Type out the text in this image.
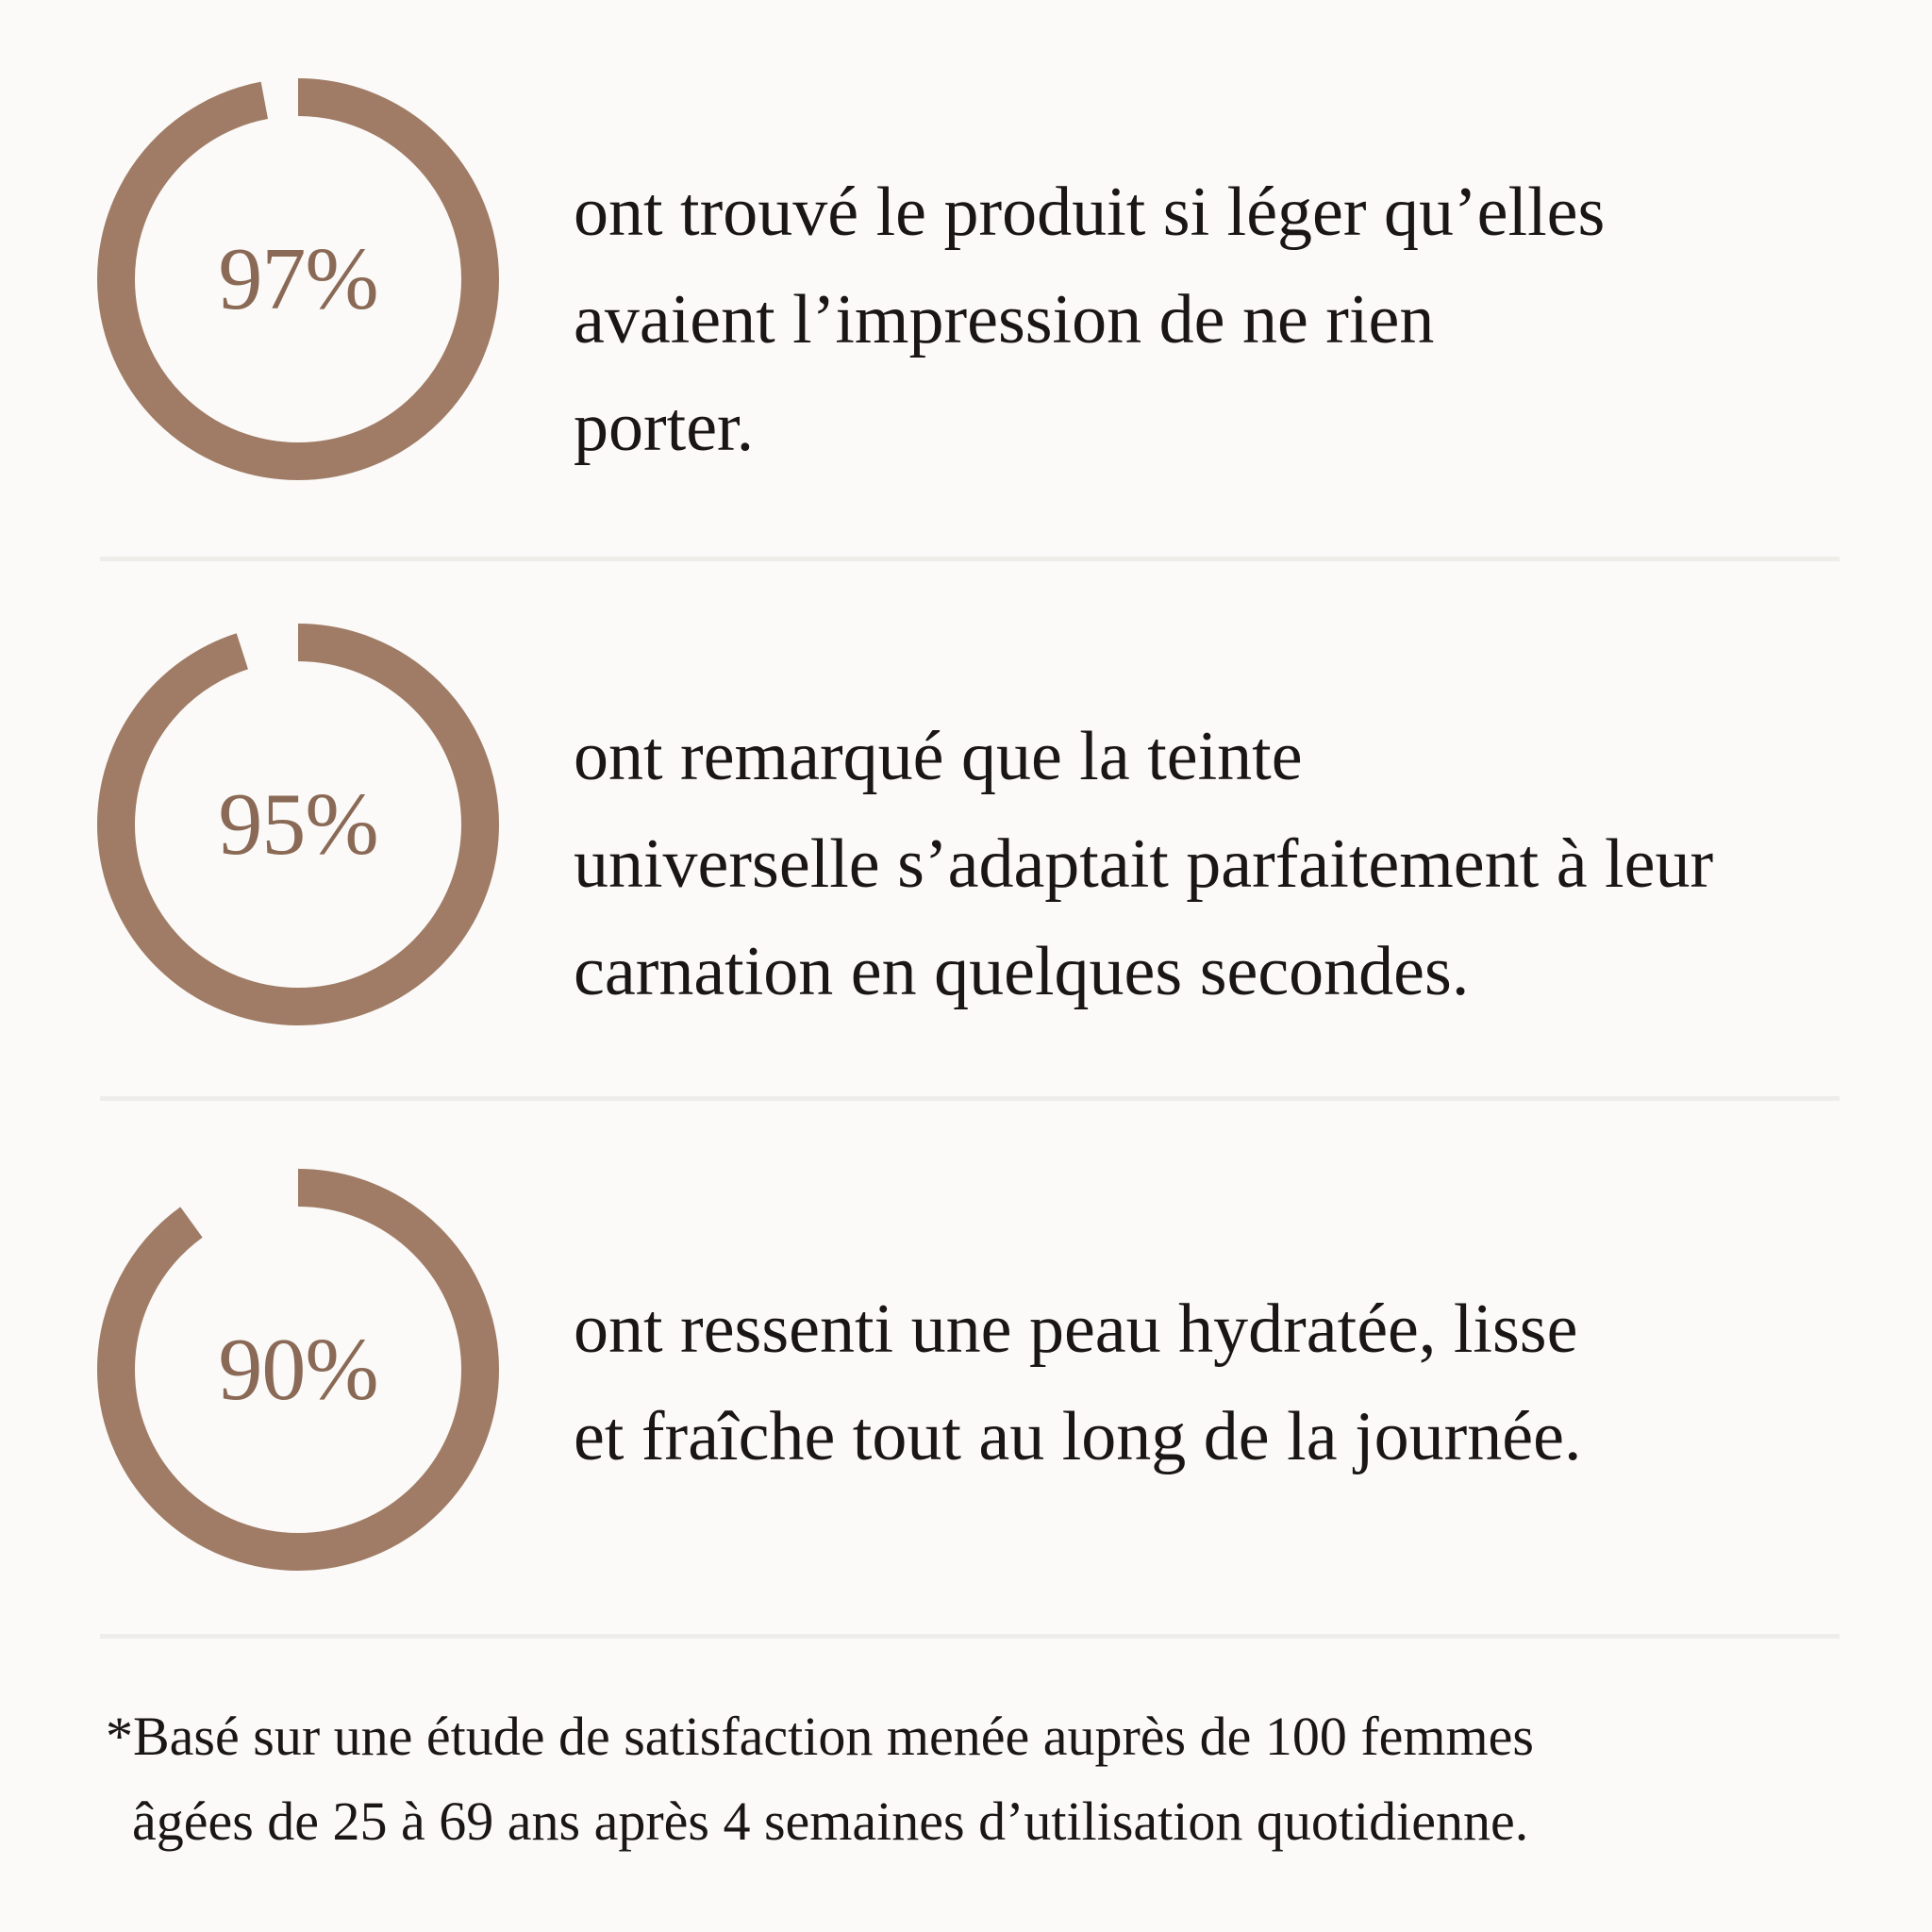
97%
ont trouvé le produit si léger qu’elles
avaient l’impression de ne rien
porter.
95%
ont remarqué que la teinte
universelle s’adaptait parfaitement à leur
carnation en quelques secondes.
90%	ont ressenti une peau hydratée, lisse
et fraîche tout au long de la journée.
*Basé sur une étude de satisfaction menée auprès de 100 femmes
âgées de 25 à 69 ans après 4 semaines d’utilisation quotidienne.
